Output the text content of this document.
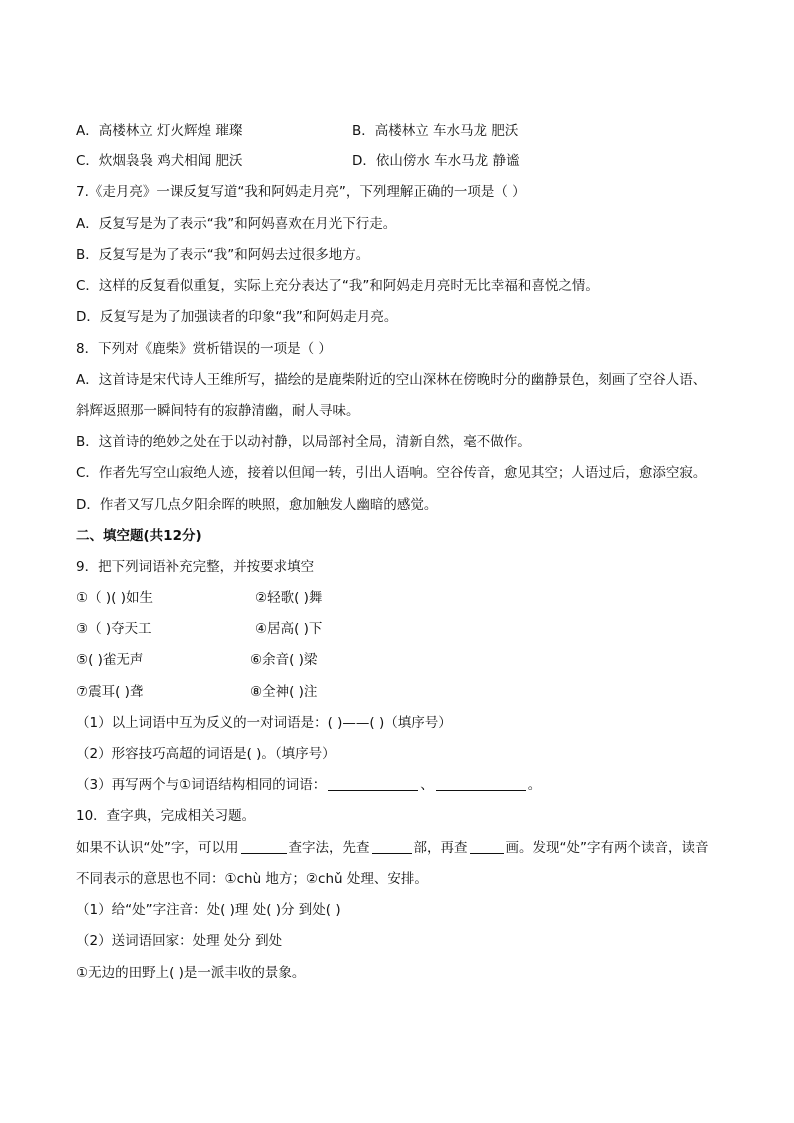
A．高楼林立 灯火辉煌 璀璨	B．高楼林立 车水马龙 肥沃
C．炊烟袅袅 鸡犬相闻 肥沃	D．依山傍水 车水马龙 静谧
7.《走月亮》一课反复写道“我和阿妈走月亮”，下列理解正确的一项是（ ）
A．反复写是为了表示“我”和阿妈喜欢在月光下行走。
B．反复写是为了表示“我”和阿妈去过很多地方。
C．这样的反复看似重复，实际上充分表达了“我”和阿妈走月亮时无比幸福和喜悦之情。
D．反复写是为了加强读者的印象“我”和阿妈走月亮。
8．下列对《鹿柴》赏析错误的一项是（ ）
A．这首诗是宋代诗人王维所写，描绘的是鹿柴附近的空山深林在傍晚时分的幽静景色，刻画了空谷人语、
斜辉返照那一瞬间特有的寂静清幽，耐人寻味。
B．这首诗的绝妙之处在于以动衬静，以局部衬全局，清新自然，毫不做作。
C．作者先写空山寂绝人迹，接着以但闻一转，引出人语响。空谷传音，愈见其空；人语过后，愈添空寂。
D．作者又写几点夕阳余晖的映照，愈加触发人幽暗的感觉。
二、填空题(共12分)
9．把下列词语补充完整，并按要求填空
①（ )( )如生	②轻歌( )舞
③（ )夺天工	④居高( )下
⑤( )雀无声	⑥余音( )梁
⑦震耳( )聋	⑧全神( )注
（1）以上词语中互为反义的一对词语是：( )——( )（填序号）
（2）形容技巧高超的词语是( )。（填序号）
（3）再写两个与①词语结构相同的词语：	、	。
10．查字典，完成相关习题。
如果不认识“处”字，可以用	查字法，先查	部，再查	画。发现“处”字有两个读音，读音
不同表示的意思也不同：①chù 地方；②chǔ 处理、安排。
（1）给“处”字注音：处( )理 处( )分 到处( )
（2）送词语回家：处理 处分 到处
①无边的田野上( )是一派丰收的景象。
